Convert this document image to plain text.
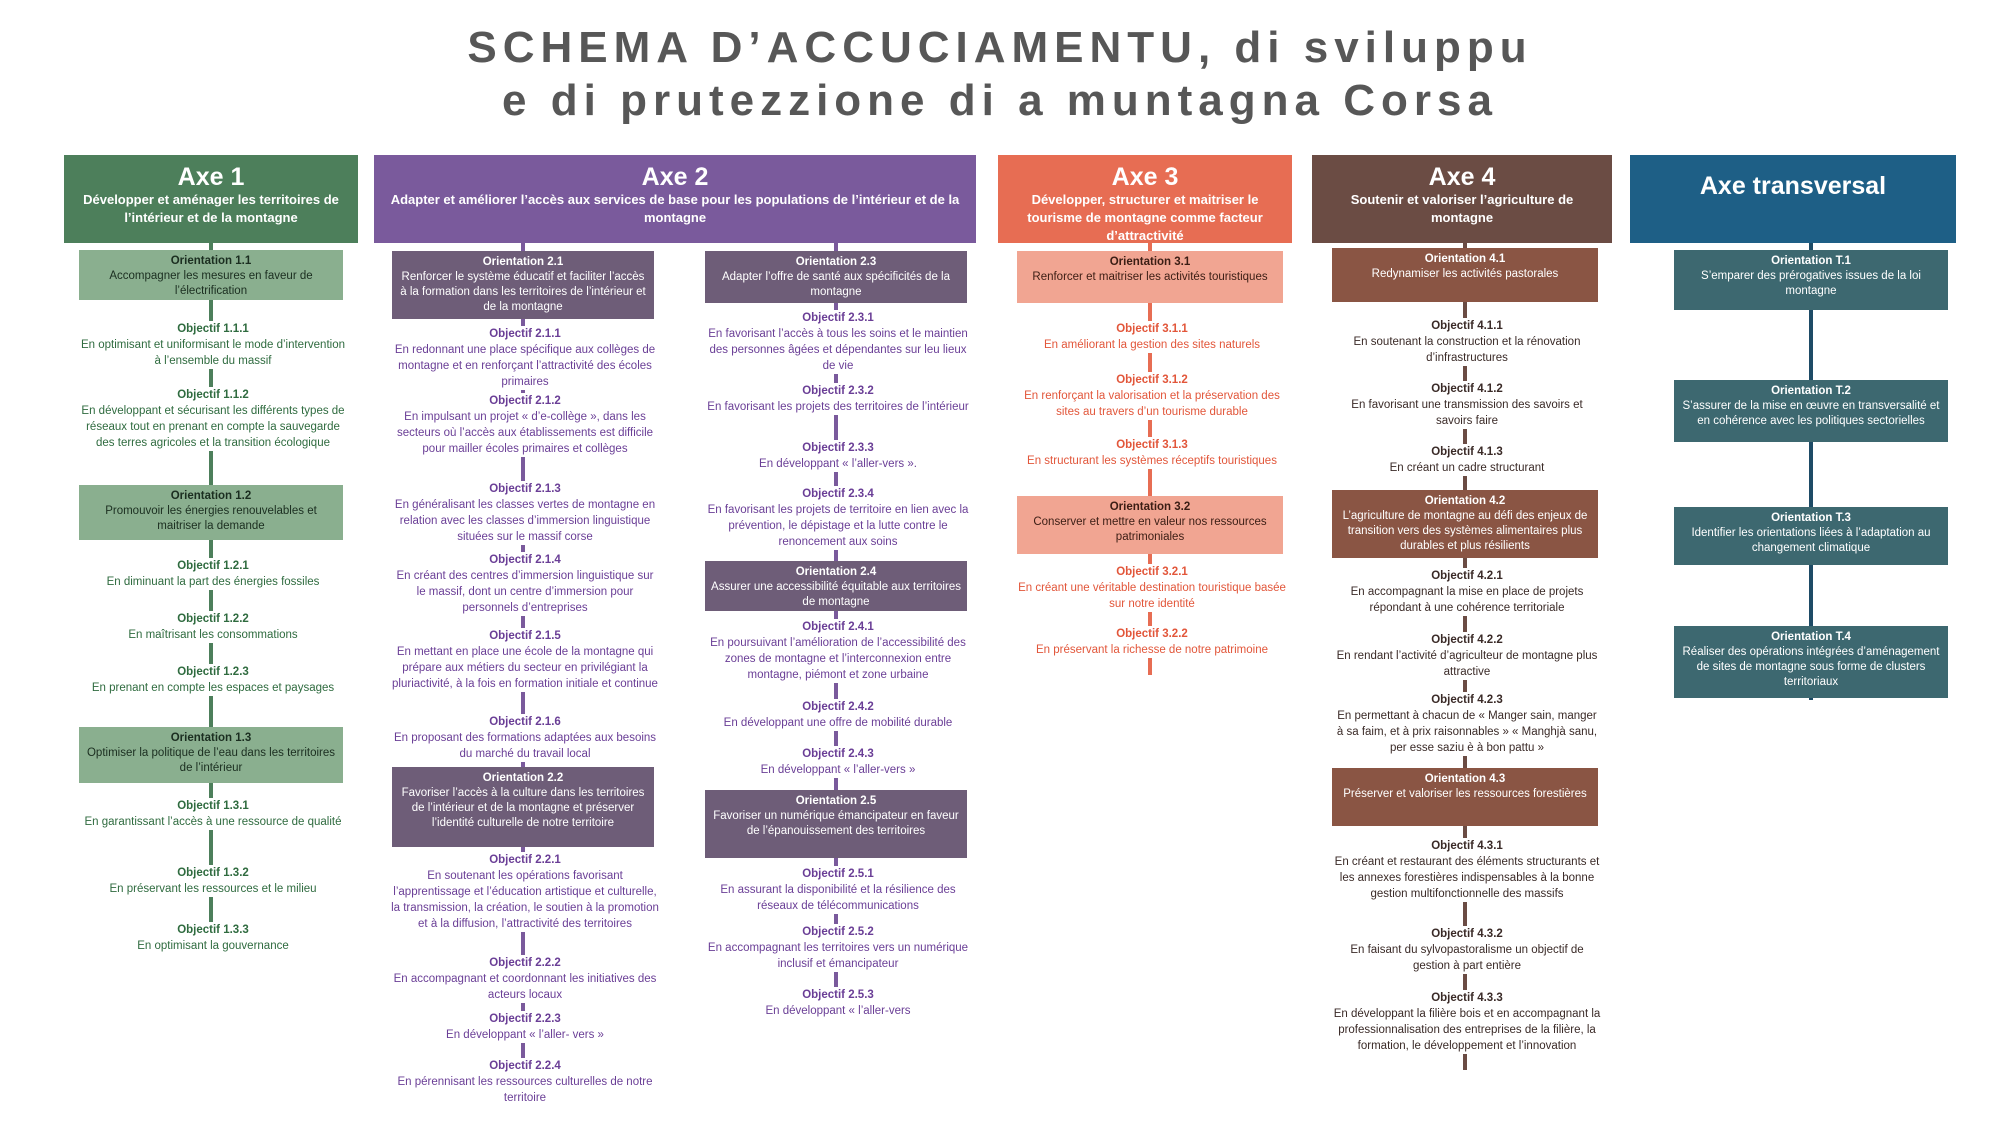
SCHEMA D’ACCUCIAMENTU, di sviluppu
e di prutezzione di a muntagna Corsa
Axe 1
Développer et aménager les territoires de l’intérieur et de la montagne
Axe 2
Adapter et améliorer l’accès aux services de base pour les populations de l’intérieur et de la montagne
Axe 3
Développer, structurer et maitriser le tourisme de montagne comme facteur d’attractivité
Axe 4
Soutenir et valoriser l’agriculture de montagne
Axe transversal
Orientation 1.1
Accompagner les mesures en faveur de l’électrification
Objectif 1.1.1
En optimisant et uniformisant le mode d’intervention à l’ensemble du massif
Objectif 1.1.2
En développant et sécurisant les différents types de réseaux tout en prenant en compte la sauvegarde des terres agricoles et la transition écologique
Orientation 1.2
Promouvoir les énergies renouvelables et maitriser la demande
Objectif 1.2.1
En diminuant la part des énergies fossiles
Objectif 1.2.2
En maîtrisant les consommations
Objectif 1.2.3
En prenant en compte les espaces et paysages
Orientation 1.3
Optimiser la politique de l’eau dans les territoires de l’intérieur
Objectif 1.3.1
En garantissant l’accès à une ressource de qualité
Objectif 1.3.2
En préservant les ressources et le milieu
Objectif 1.3.3
En optimisant la gouvernance
Orientation 2.1
Renforcer le système éducatif et faciliter l’accès à la formation dans les territoires de l’intérieur et de la montagne
Objectif 2.1.1
En redonnant une place spécifique aux collèges de montagne et en renforçant l’attractivité des écoles primaires
Objectif 2.1.2
En impulsant un projet « d’e-collège », dans les secteurs où l’accès aux établissements est difficile pour mailler écoles primaires et collèges
Objectif 2.1.3
En généralisant les classes vertes de montagne en relation avec les classes d’immersion linguistique situées sur le massif corse
Objectif 2.1.4
En créant des centres d’immersion linguistique sur le massif, dont un centre d’immersion pour personnels d’entreprises
Objectif 2.1.5
En mettant en place une école de la montagne qui prépare aux métiers du secteur en privilégiant la pluriactivité, à la fois en formation initiale et continue
Objectif 2.1.6
En proposant des formations adaptées aux besoins du marché du travail local
Orientation 2.2
Favoriser l’accès à la culture dans les territoires de l’intérieur et de la montagne et préserver l’identité culturelle de notre territoire
Objectif 2.2.1
En soutenant les opérations favorisant l’apprentissage et l’éducation artistique et culturelle, la transmission, la création, le soutien à la promotion et à la diffusion, l’attractivité des territoires
Objectif 2.2.2
En accompagnant et coordonnant les initiatives des acteurs locaux
Objectif 2.2.3
En développant « l’aller- vers »
Objectif 2.2.4
En pérennisant les ressources culturelles de notre territoire
Orientation 2.3
Adapter l’offre de santé aux spécificités de la montagne
Objectif 2.3.1
En favorisant l’accès à tous les soins et le maintien des personnes âgées et dépendantes sur leu lieux de vie
Objectif 2.3.2
En favorisant les projets des territoires de l’intérieur
Objectif 2.3.3
En développant « l’aller-vers ».
Objectif 2.3.4
En favorisant les projets de territoire en lien avec la prévention, le dépistage et la lutte contre le renoncement aux soins
Orientation 2.4
Assurer une accessibilité équitable aux territoires de montagne
Objectif 2.4.1
En poursuivant l’amélioration de l’accessibilité des zones de montagne et l’interconnexion entre montagne, piémont et zone urbaine
Objectif 2.4.2
En développant une offre de mobilité durable
Objectif 2.4.3
En développant « l’aller-vers »
Orientation 2.5
Favoriser un numérique émancipateur en faveur de l’épanouissement des territoires
Objectif 2.5.1
En assurant la disponibilité et la résilience des réseaux de télécommunications
Objectif 2.5.2
En accompagnant les territoires vers un numérique inclusif et émancipateur
Objectif 2.5.3
En développant « l’aller-vers
Orientation 3.1
Renforcer et maitriser les activités touristiques
Objectif 3.1.1
En améliorant la gestion des sites naturels
Objectif 3.1.2
En renforçant la valorisation et la préservation des sites au travers d’un tourisme durable
Objectif 3.1.3
En structurant les systèmes réceptifs touristiques
Orientation 3.2
Conserver et mettre en valeur nos ressources patrimoniales
Objectif 3.2.1
En créant une véritable destination touristique basée sur notre identité
Objectif 3.2.2
En préservant la richesse de notre patrimoine
Orientation 4.1
Redynamiser les activités pastorales
Objectif 4.1.1
En soutenant la construction et la rénovation d’infrastructures
Objectif 4.1.2
En favorisant une transmission des savoirs et savoirs faire
Objectif 4.1.3
En créant un cadre structurant
Orientation 4.2
L’agriculture de montagne au défi des enjeux de transition vers des systèmes alimentaires plus durables et plus résilients
Objectif 4.2.1
En accompagnant la mise en place de projets répondant à une cohérence territoriale
Objectif 4.2.2
En rendant l’activité d’agriculteur de montagne plus attractive
Objectif 4.2.3
En permettant à chacun de « Manger sain, manger à sa faim, et à prix raisonnables » « Manghjà sanu, per esse saziu è à bon pattu »
Orientation 4.3
Préserver et valoriser les ressources forestières
Objectif 4.3.1
En créant et restaurant des éléments structurants et les annexes forestières indispensables à la bonne gestion multifonctionnelle des massifs
Objectif 4.3.2
En faisant du sylvopastoralisme un objectif de gestion à part entière
Objectif 4.3.3
En développant la filière bois et en accompagnant la professionnalisation des entreprises de la filière, la formation, le développement et l’innovation
Orientation T.1
S’emparer des prérogatives issues de la loi montagne
Orientation T.2
S’assurer de la mise en œuvre en transversalité et en cohérence avec les politiques sectorielles
Orientation T.3
Identifier les orientations liées à l’adaptation au changement climatique
Orientation T.4
Réaliser des opérations intégrées d’aménagement de sites de montagne sous forme de clusters territoriaux
